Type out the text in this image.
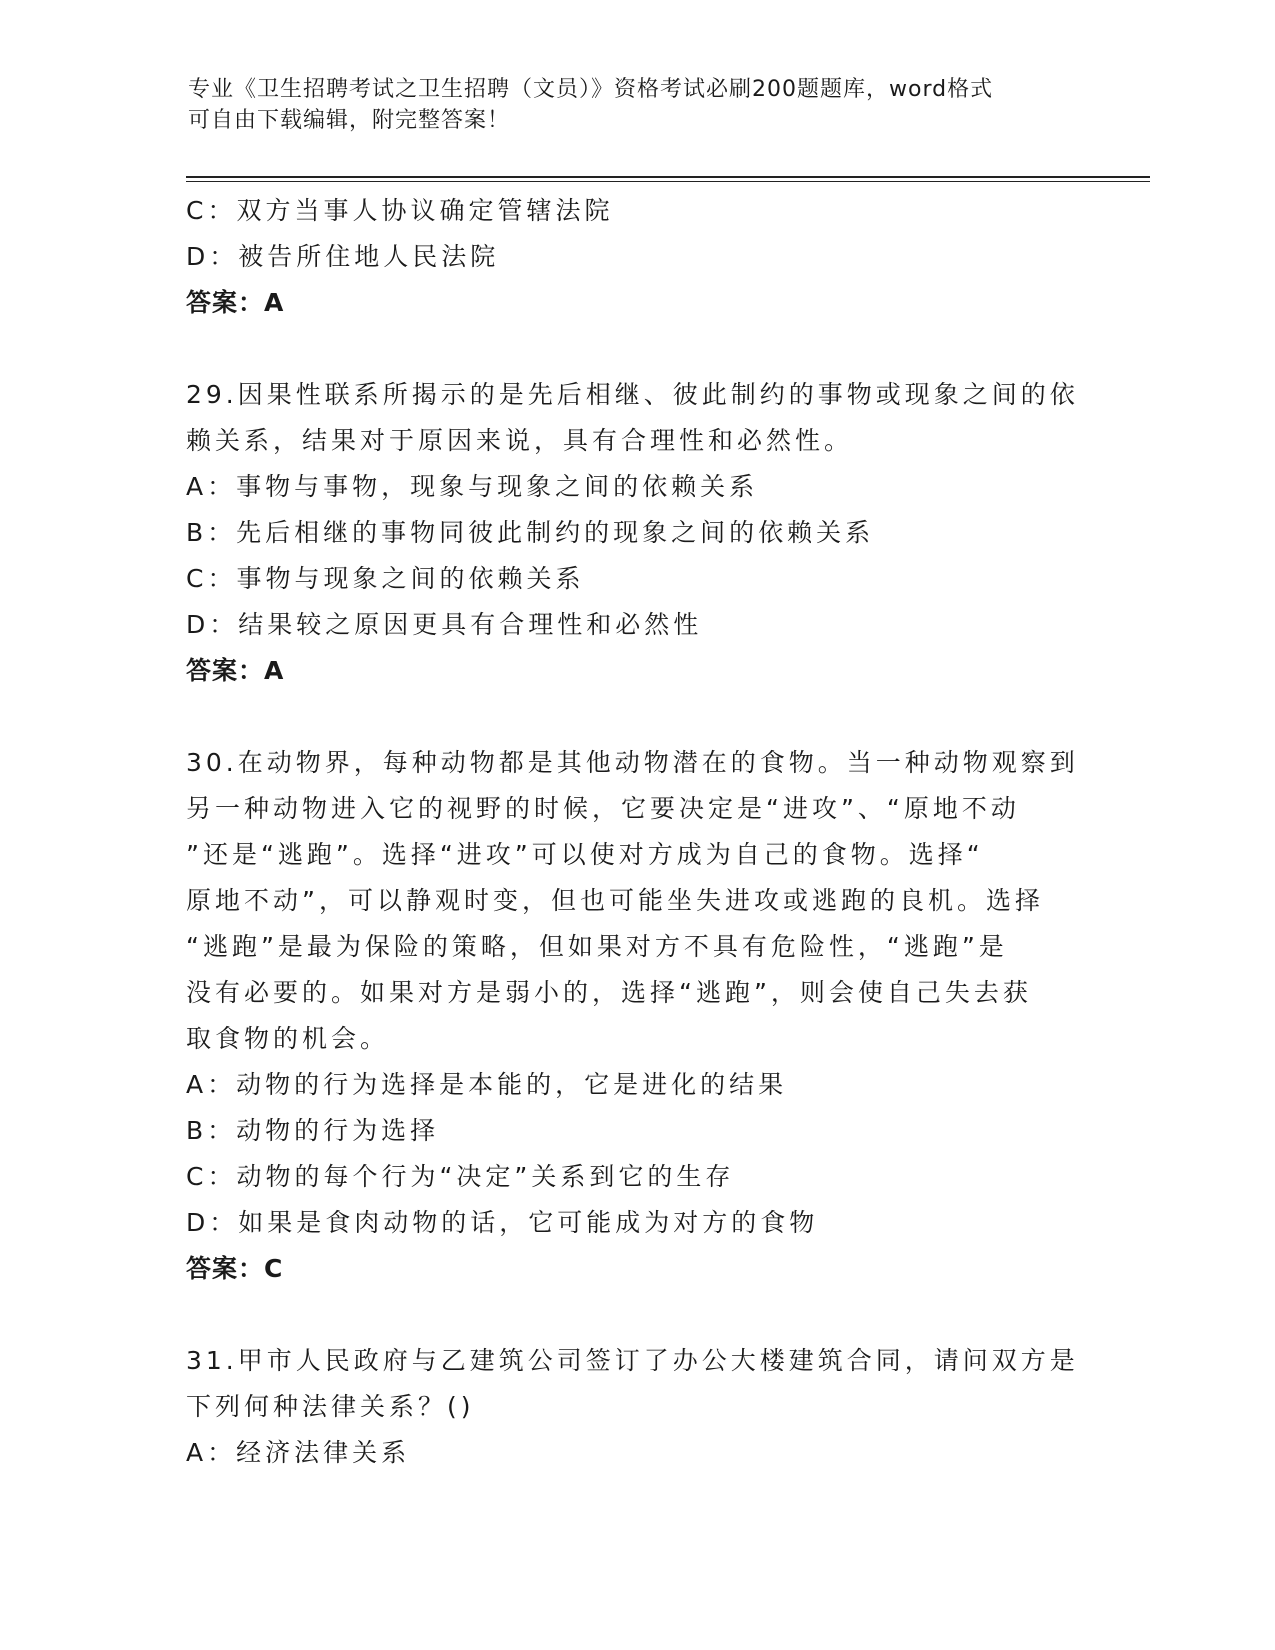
专业《卫生招聘考试之卫生招聘（文员）》资格考试必刷200题题库，word格式
可自由下载编辑，附完整答案！
C：双方当事人协议确定管辖法院
D：被告所住地人民法院
答案：A
29.因果性联系所揭示的是先后相继、彼此制约的事物或现象之间的依
赖关系，结果对于原因来说，具有合理性和必然性。
A：事物与事物，现象与现象之间的依赖关系
B：先后相继的事物同彼此制约的现象之间的依赖关系
C：事物与现象之间的依赖关系
D：结果较之原因更具有合理性和必然性
答案：A
30.在动物界，每种动物都是其他动物潜在的食物。当一种动物观察到
另一种动物进入它的视野的时候，它要决定是“进攻”、“原地不动
”还是“逃跑”。选择“进攻”可以使对方成为自己的食物。选择“
原地不动”，可以静观时变，但也可能坐失进攻或逃跑的良机。选择
“逃跑”是最为保险的策略，但如果对方不具有危险性，“逃跑”是
没有必要的。如果对方是弱小的，选择“逃跑”，则会使自己失去获
取食物的机会。
A：动物的行为选择是本能的，它是进化的结果
B：动物的行为选择
C：动物的每个行为“决定”关系到它的生存
D：如果是食肉动物的话，它可能成为对方的食物
答案：C
31.甲市人民政府与乙建筑公司签订了办公大楼建筑合同，请问双方是
下列何种法律关系？()
A：经济法律关系
